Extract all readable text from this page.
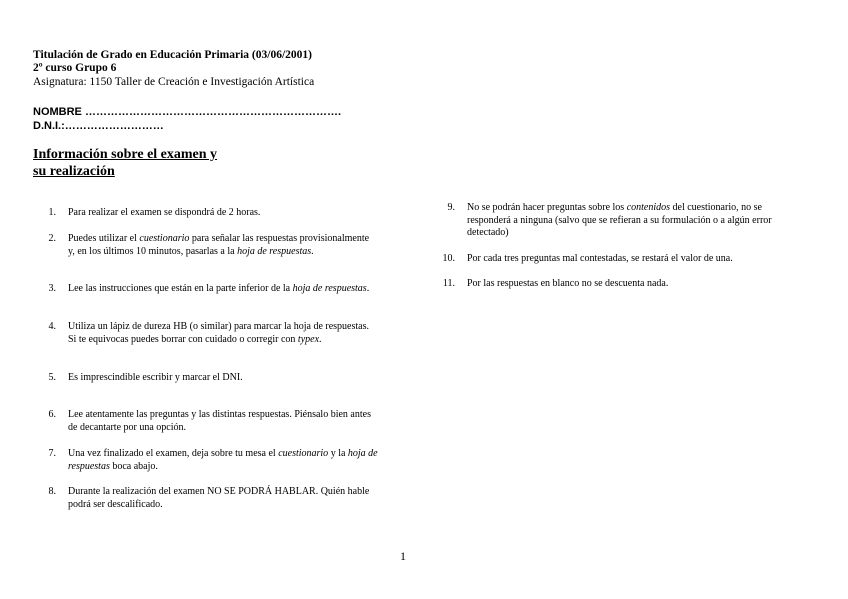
Titulación de Grado en Educación Primaria (03/06/2001)
2º curso Grupo 6
Asignatura: 1150 Taller de Creación e Investigación Artística
NOMBRE …………………………………………………………….
D.N.I.:………………………
Información sobre el examen y
su realización
1. Para realizar el examen se dispondrá de 2 horas.
2. Puedes utilizar el cuestionario para señalar las respuestas provisionalmente y, en los últimos 10 minutos, pasarlas a la hoja de respuestas.
3. Lee las instrucciones que están en la parte inferior de la hoja de respuestas.
4. Utiliza un lápiz de dureza HB (o similar) para marcar la hoja de respuestas. Si te equivocas puedes borrar con cuidado o corregir con typex.
5. Es imprescindible escribir y marcar el DNI.
6. Lee atentamente las preguntas y las distintas respuestas. Piénsalo bien antes de decantarte por una opción.
7. Una vez finalizado el examen, deja sobre tu mesa el cuestionario y la hoja de respuestas boca abajo.
8. Durante la realización del examen NO SE PODRÁ HABLAR. Quién hable podrá ser descalificado.
9. No se podrán hacer preguntas sobre los contenidos del cuestionario, no se responderá a ninguna (salvo que se refieran a su formulación o a algún error detectado)
10. Por cada tres preguntas mal contestadas, se restará el valor de una.
11. Por las respuestas en blanco no se descuenta nada.
1
